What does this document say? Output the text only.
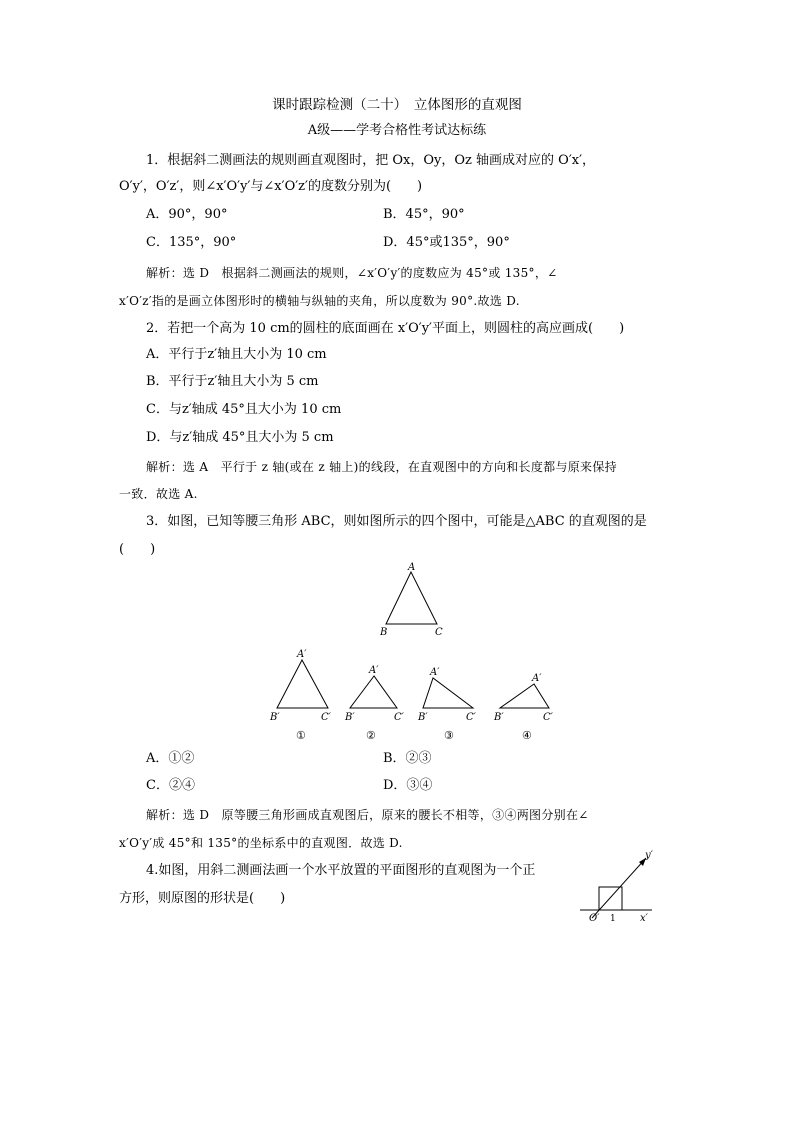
课时跟踪检测（二十）　立体图形的直观图
A级——学考合格性考试达标练
1．根据斜二测画法的规则画直观图时，把 Ox，Oy，Oz 轴画成对应的 O′x′，
O′y′，O′z′，则∠x′O′y′与∠x′O′z′的度数分别为(　　)
A．90°，90°	B．45°，90°
C．135°，90°	D．45°或135°，90°
解析：选 D　根据斜二测画法的规则，∠x′O′y′的度数应为 45°或 135°，∠
x′O′z′指的是画立体图形时的横轴与纵轴的夹角，所以度数为 90°.故选 D.
2．若把一个高为 10 cm的圆柱的底面画在 x′O′y′平面上，则圆柱的高应画成(　　)
A．平行于z′轴且大小为 10 cm
B．平行于z′轴且大小为 5 cm
C．与z′轴成 45°且大小为 10 cm
D．与z′轴成 45°且大小为 5 cm
解析：选 A　平行于 z 轴(或在 z 轴上)的线段，在直观图中的方向和长度都与原来保持
一致．故选 A.
3．如图，已知等腰三角形 ABC，则如图所示的四个图中，可能是△ABC 的直观图的是
(　　)
A
B	C
A′
B′	C′
①
A′
B′	C′
②
A′
B′	C′
③
A′
B′	C′
④
y′
x′
O′ 1
A．①②	B．②③
C．②④	D．③④
解析：选 D　原等腰三角形画成直观图后，原来的腰长不相等，③④两图分别在∠
x′O′y′成 45°和 135°的坐标系中的直观图．故选 D.
4.如图，用斜二测画法画一个水平放置的平面图形的直观图为一个正
方形，则原图的形状是(　　)
